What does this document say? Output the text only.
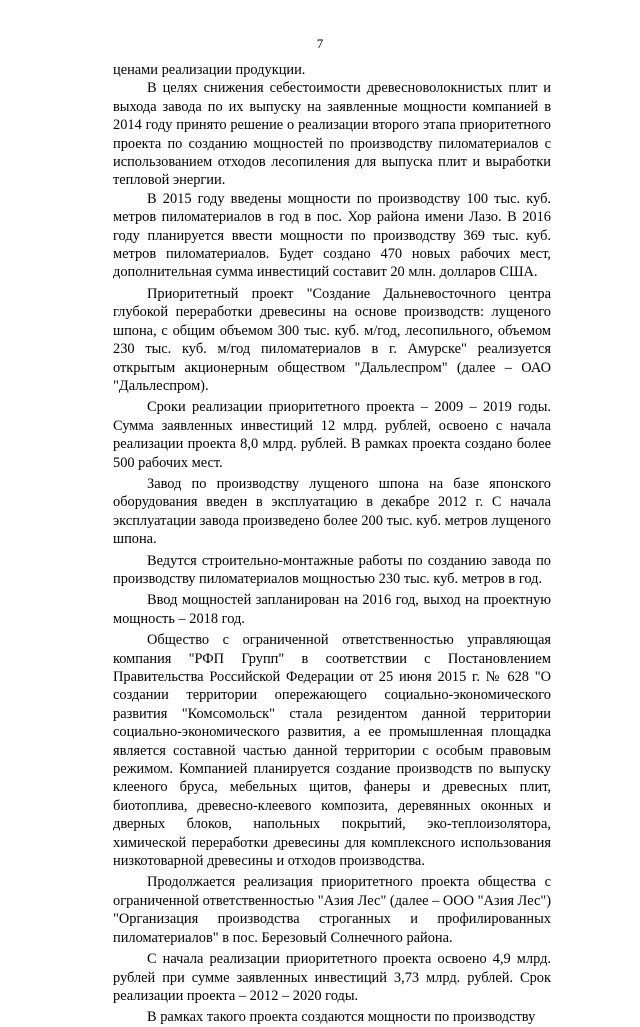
7

ценами реализации продукции.

В целях снижения себестоимости древесноволокнистых плит и выхода завода по их выпуску на заявленные мощности компанией в 2014 году принято решение о реализации второго этапа приоритетного проекта по созданию мощностей по производству пиломатериалов с использованием отходов лесопиления для выпуска плит и выработки тепловой энергии.

В 2015 году введены мощности по производству 100 тыс. куб. метров пиломатериалов в год в пос. Хор района имени Лазо. В 2016 году планируется ввести мощности по производству 369 тыс. куб. метров пиломатериалов. Будет создано 470 новых рабочих мест, дополнительная сумма инвестиций составит 20 млн. долларов США.

Приоритетный проект "Создание Дальневосточного центра глубокой переработки древесины на основе производств: лущеного шпона, с общим объемом 300 тыс. куб. м/год, лесопильного, объемом 230 тыс. куб. м/год пиломатериалов в г. Амурске" реализуется открытым акционерным обществом "Дальлеспром" (далее – ОАО "Дальлеспром).

Сроки реализации приоритетного проекта – 2009 – 2019 годы. Сумма заявленных инвестиций 12 млрд. рублей, освоено с начала реализации проекта 8,0 млрд. рублей. В рамках проекта создано более 500 рабочих мест.

Завод по производству лущеного шпона на базе японского оборудования введен в эксплуатацию в декабре 2012 г. С начала эксплуатации завода произведено более 200 тыс. куб. метров лущеного шпона.

Ведутся строительно-монтажные работы по созданию завода по производству пиломатериалов мощностью 230 тыс. куб. метров в год.

Ввод мощностей запланирован на 2016 год, выход на проектную мощность – 2018 год.

Общество с ограниченной ответственностью управляющая компания "РФП Групп" в соответствии с Постановлением Правительства Российской Федерации от 25 июня 2015 г. № 628 "О создании территории опережающего социально-экономического развития "Комсомольск" стала резидентом данной территории социально-экономического развития, а ее промышленная площадка является составной частью данной территории с особым правовым режимом. Компанией планируется создание производств по выпуску клееного бруса, мебельных щитов, фанеры и древесных плит, биотоплива, древесно-клеевого композита, деревянных оконных и дверных блоков, напольных покрытий, эко-теплоизолятора, химической переработки древесины для комплексного использования низкотоварной древесины и отходов производства.

Продолжается реализация приоритетного проекта общества с ограниченной ответственностью "Азия Лес" (далее – ООО "Азия Лес") "Организация производства строганных и профилированных пиломатериалов" в пос. Березовый Солнечного района.

С начала реализации приоритетного проекта освоено 4,9 млрд. рублей при сумме заявленных инвестиций 3,73 млрд. рублей. Срок реализации проекта – 2012 – 2020 годы.

В рамках такого проекта создаются мощности по производству
